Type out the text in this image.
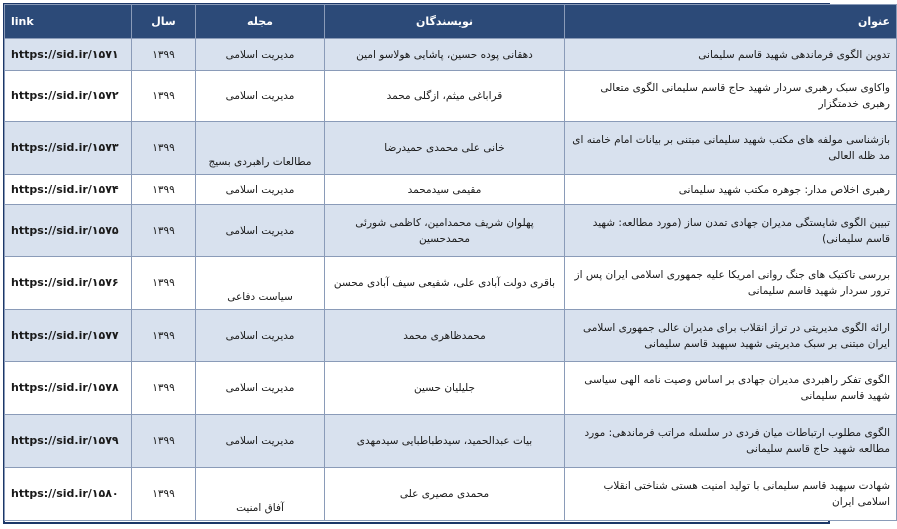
link	سال	مجله	نویسندگان	عنوان
https://sid.ir/۱۵۷۱	۱۳۹۹	مدیریت اسلامی	دهقانی پوده حسین، پاشایی هولاسو امین	تدوین الگوی فرماندهی شهید قاسم سلیمانی
https://sid.ir/۱۵۷۲	۱۳۹۹	مدیریت اسلامی	قراباغی میثم، ازگلی محمد	واکاوی سبک رهبری سردار شهید حاج قاسم سلیمانی الگوی متعالی رهبری خدمتگزار
https://sid.ir/۱۵۷۳	۱۳۹۹	مطالعات راهبردی بسیج	خانی علی محمدی حمیدرضا	بازشناسی مولفه های مکتب شهید سلیمانی مبتنی بر بیانات امام خامنه ای مد ظله العالی
https://sid.ir/۱۵۷۴	۱۳۹۹	مدیریت اسلامی	مقیمی سیدمحمد	رهبری اخلاص مدار: جوهره مکتب شهید سلیمانی
https://sid.ir/۱۵۷۵	۱۳۹۹	مدیریت اسلامی	پهلوان شریف محمدامین، کاظمی شورئی محمدحسین	تبیین الگوی شایستگی مدیران جهادی تمدن ساز (مورد مطالعه: شهید قاسم سلیمانی)
https://sid.ir/۱۵۷۶	۱۳۹۹	سیاست دفاعی	باقری دولت آبادی علی، شفیعی سیف آبادی محسن	بررسی تاکتیک های جنگ روانی امریکا علیه جمهوری اسلامی ایران پس از ترور سردار شهید قاسم سلیمانی
https://sid.ir/۱۵۷۷	۱۳۹۹	مدیریت اسلامی	محمدظاهری محمد	ارائه الگوی مدیریتی در تراز انقلاب برای مدیران عالی جمهوری اسلامی ایران مبتنی بر سبک مدیریتی شهید سپهبد قاسم سلیمانی
https://sid.ir/۱۵۷۸	۱۳۹۹	مدیریت اسلامی	جلیلیان حسین	الگوی تفکر راهبردی مدیران جهادی بر اساس وصیت نامه الهی سیاسی شهید قاسم سلیمانی
https://sid.ir/۱۵۷۹	۱۳۹۹	مدیریت اسلامی	بیات عبدالحمید، سیدطباطبایی سیدمهدی	الگوی مطلوب ارتباطات میان فردی در سلسله مراتب فرماندهی: مورد مطالعه شهید حاج قاسم سلیمانی
https://sid.ir/۱۵۸۰	۱۳۹۹	آفاق امنیت	محمدی مصیری علی	شهادت سپهبد قاسم سلیمانی با تولید امنیت هستی شناختی انقلاب اسلامی ایران
